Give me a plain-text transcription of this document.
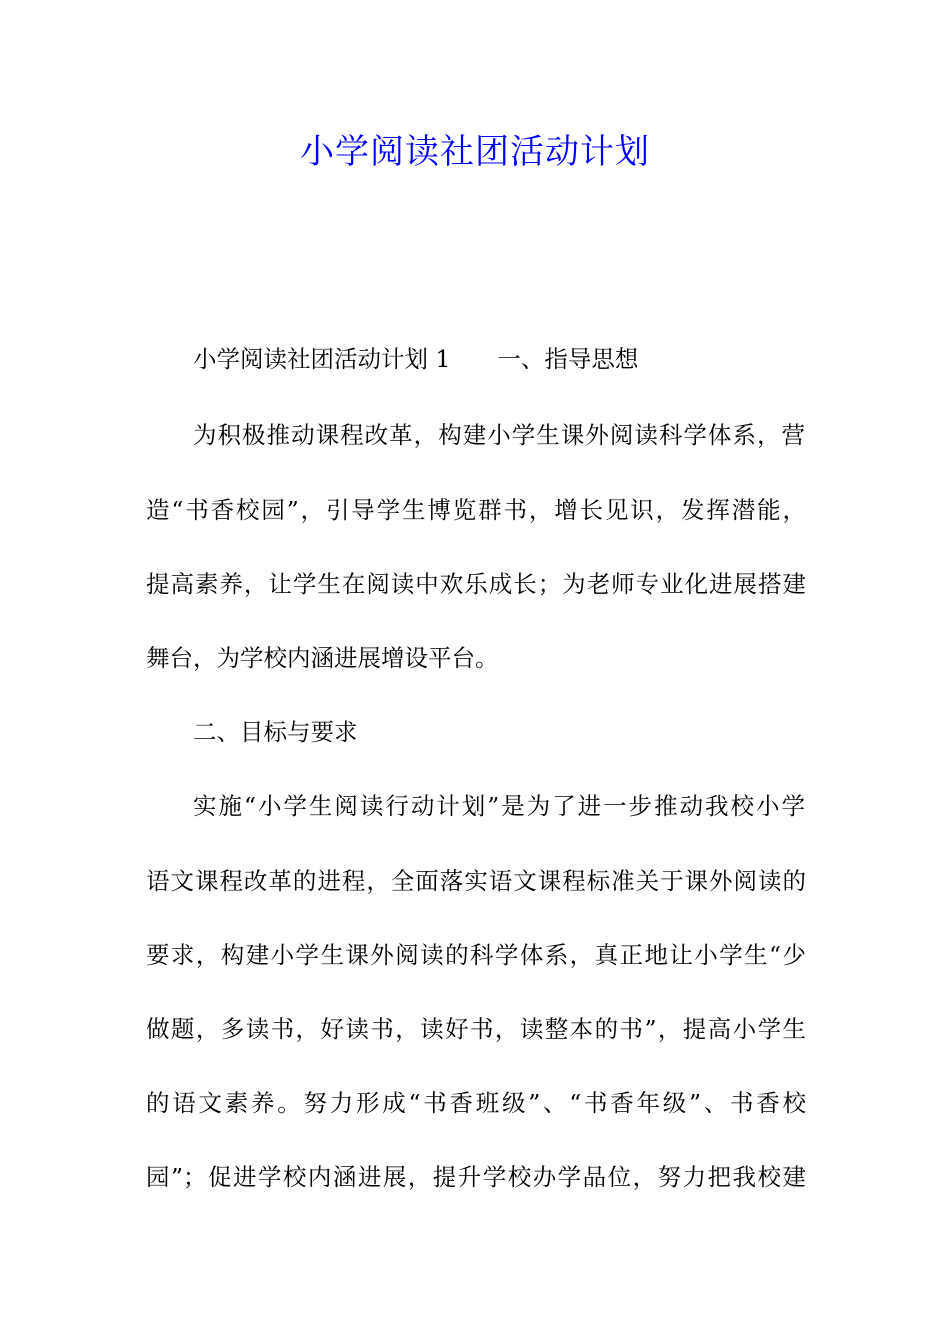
小学阅读社团活动计划
小学阅读社团活动计划 1　　一、指导思想
为积极推动课程改革，构建小学生课外阅读科学体系，营
造“书香校园”，引导学生博览群书，增长见识，发挥潜能，
提高素养，让学生在阅读中欢乐成长；为老师专业化进展搭建
舞台，为学校内涵进展增设平台。
二、目标与要求
实施“小学生阅读行动计划”是为了进一步推动我校小学
语文课程改革的进程，全面落实语文课程标准关于课外阅读的
要求，构建小学生课外阅读的科学体系，真正地让小学生“少
做题，多读书，好读书，读好书，读整本的书”，提高小学生
的语文素养。努力形成“书香班级”、“书香年级”、书香校
园”；促进学校内涵进展，提升学校办学品位，努力把我校建
